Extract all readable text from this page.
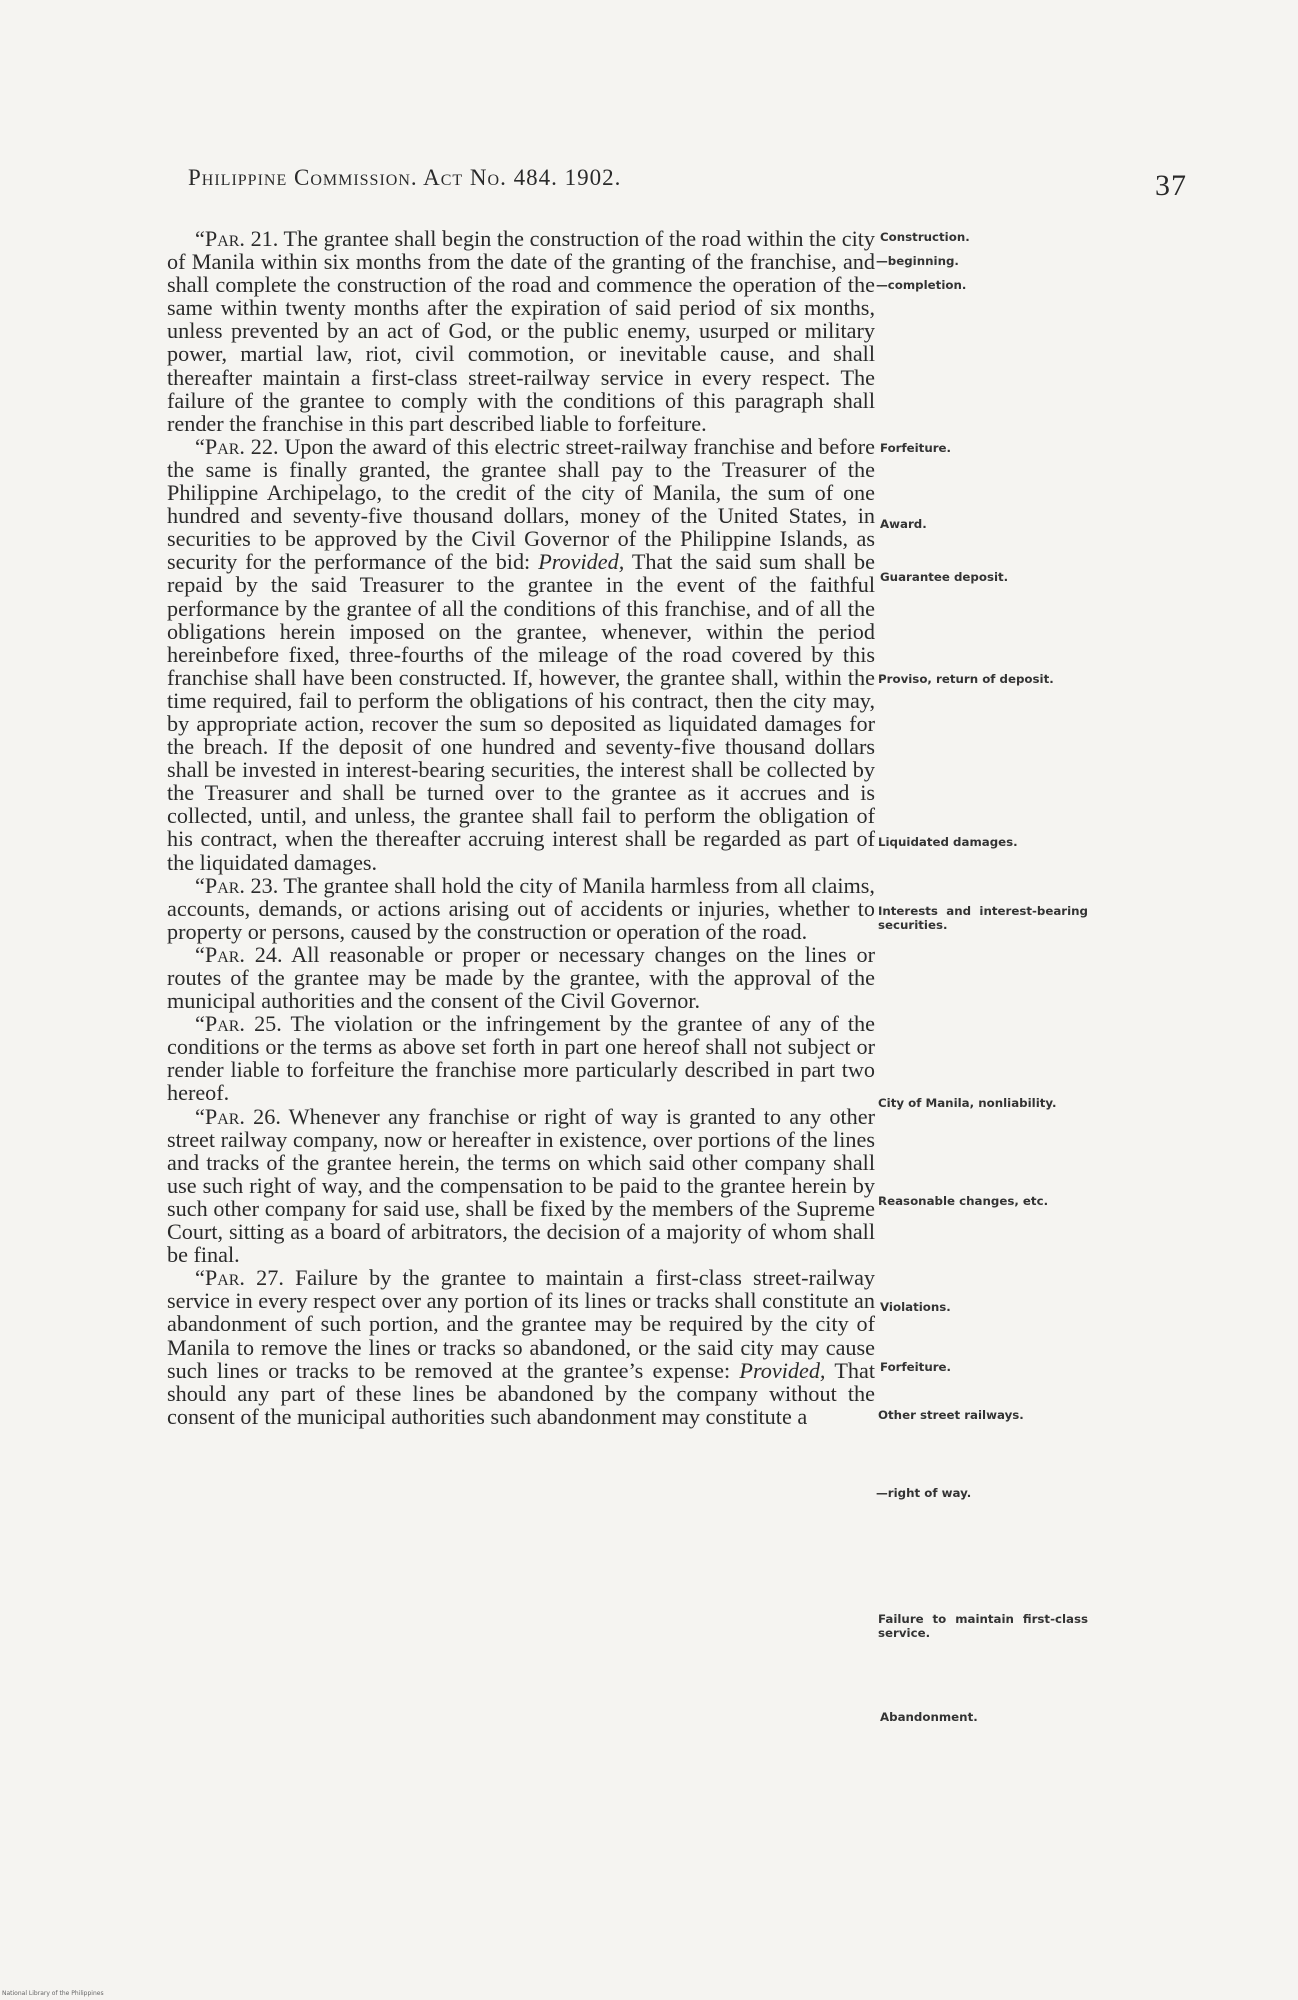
Philippine Commission. Act No. 484. 1902.	37

“Par. 21. The grantee shall begin the construction of the road within the city of Manila within six months from the date of the granting of the franchise, and shall complete the construction of the road and commence the operation of the same within twenty months after the expiration of said period of six months, unless prevented by an act of God, or the public enemy, usurped or military power, martial law, riot, civil commotion, or inevitable cause, and shall thereafter maintain a first-class street-railway service in every respect. The failure of the grantee to comply with the conditions of this paragraph shall render the franchise in this part described liable to forfeiture.

“Par. 22. Upon the award of this electric street-railway franchise and before the same is finally granted, the grantee shall pay to the Treasurer of the Philippine Archipelago, to the credit of the city of Manila, the sum of one hundred and seventy-five thousand dollars, money of the United States, in securities to be approved by the Civil Governor of the Philippine Islands, as security for the performance of the bid: Provided, That the said sum shall be repaid by the said Treasurer to the grantee in the event of the faithful performance by the grantee of all the conditions of this franchise, and of all the obligations herein imposed on the grantee, whenever, within the period hereinbefore fixed, three-fourths of the mileage of the road covered by this franchise shall have been constructed. If, however, the grantee shall, within the time required, fail to perform the obligations of his contract, then the city may, by appropriate action, recover the sum so deposited as liquidated damages for the breach. If the deposit of one hundred and seventy-five thousand dollars shall be invested in interest-bearing securities, the interest shall be collected by the Treasurer and shall be turned over to the grantee as it accrues and is collected, until, and unless, the grantee shall fail to perform the obligation of his contract, when the thereafter accruing interest shall be regarded as part of the liquidated damages.

“Par. 23. The grantee shall hold the city of Manila harmless from all claims, accounts, demands, or actions arising out of accidents or injuries, whether to property or persons, caused by the construction or operation of the road.

“Par. 24. All reasonable or proper or necessary changes on the lines or routes of the grantee may be made by the grantee, with the approval of the municipal authorities and the consent of the Civil Governor.

“Par. 25. The violation or the infringement by the grantee of any of the conditions or the terms as above set forth in part one hereof shall not subject or render liable to forfeiture the franchise more particularly described in part two hereof.

“Par. 26. Whenever any franchise or right of way is granted to any other street railway company, now or hereafter in existence, over portions of the lines and tracks of the grantee herein, the terms on which said other company shall use such right of way, and the compensation to be paid to the grantee herein by such other company for said use, shall be fixed by the members of the Supreme Court, sitting as a board of arbitrators, the decision of a majority of whom shall be final.

“Par. 27. Failure by the grantee to maintain a first-class street-railway service in every respect over any portion of its lines or tracks shall constitute an abandonment of such portion, and the grantee may be required by the city of Manila to remove the lines or tracks so abandoned, or the said city may cause such lines or tracks to be removed at the grantee’s expense: Provided, That should any part of these lines be abandoned by the company without the consent of the municipal authorities such abandonment may constitute a

Construction.
—beginning.
—completion.
Forfeiture.
Award.
Guarantee deposit.
Proviso, return of deposit.
Liquidated damages.
Interests and interest-bearing securities.
City of Manila, nonliability.
Reasonable changes, etc.
Violations.
Forfeiture.
Other street railways.
—right of way.
Failure to maintain first-class service.
Abandonment.
National Library of the Philippines
